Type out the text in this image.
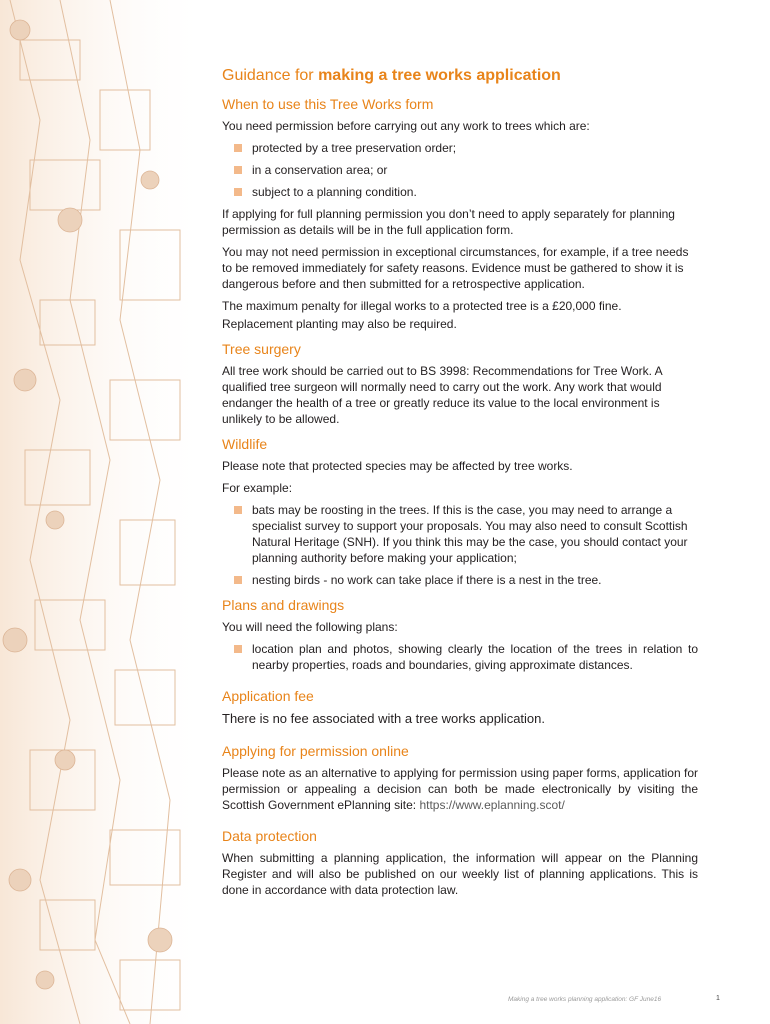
Guidance for making a tree works application
When to use this Tree Works form

You need permission before carrying out any work to trees which are:

protected by a tree preservation order;
in a conservation area; or
subject to a planning condition.

If applying for full planning permission you don’t need to apply separately for planning permission as details will be in the full application form.

You may not need permission in exceptional circumstances, for example, if a tree needs to be removed immediately for safety reasons. Evidence must be gathered to show it is dangerous before and then submitted for a retrospective application.

The maximum penalty for illegal works to a protected tree is a £20,000 fine.

Replacement planting may also be required.

Tree surgery

All tree work should be carried out to BS 3998: Recommendations for Tree Work. A qualified tree surgeon will normally need to carry out the work. Any work that would endanger the health of a tree or greatly reduce its value to the local environment is unlikely to be allowed.

Wildlife

Please note that protected species may be affected by tree works.

For example:

bats may be roosting in the trees. If this is the case, you may need to arrange a specialist survey to support your proposals. You may also need to consult Scottish Natural Heritage (SNH). If you think this may be the case, you should contact your planning authority before making your application;
nesting birds - no work can take place if there is a nest in the tree.
Plans and drawings

You will need the following plans:

location plan and photos, showing clearly the location of the trees in relation to nearby properties, roads and boundaries, giving approximate distances.
Application fee

There is no fee associated with a tree works application.

Applying for permission online

Please note as an alternative to applying for permission using paper forms, application for permission or appealing a decision can both be made electronically by visiting the Scottish Government ePlanning site: https://www.eplanning.scot/

Data protection

When submitting a planning application, the information will appear on the Planning Register and will also be published on our weekly list of planning applications. This is done in accordance with data protection law.

Making a tree works planning application: GF June16	1
